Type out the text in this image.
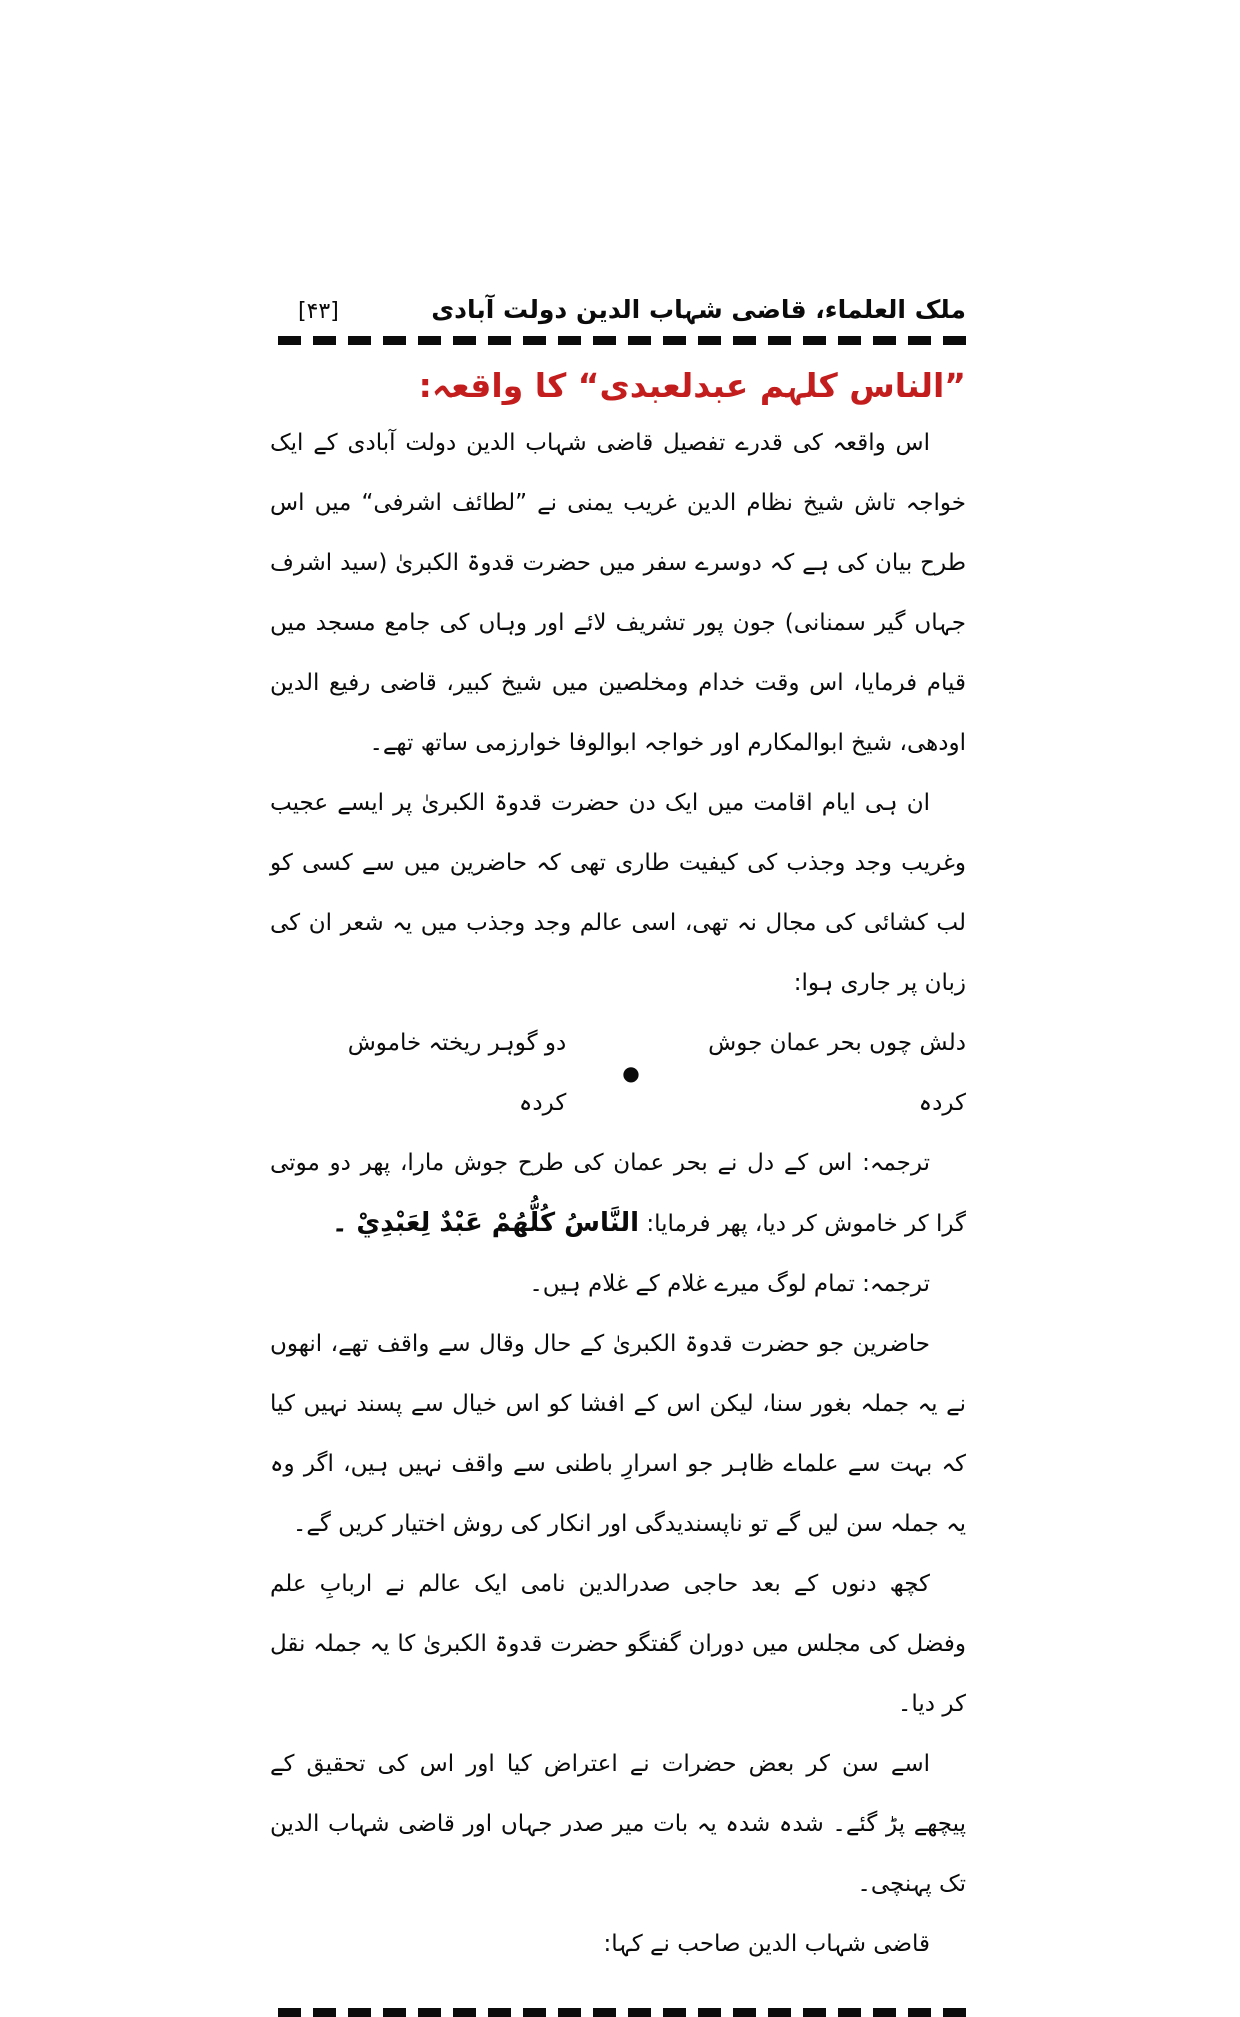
ملک العلماء، قاضی شہاب الدین دولت آبادی
[۴۳]
”الناس کلہم عبدلعبدی“ کا واقعہ:

اس واقعہ کی قدرے تفصیل قاضی شہاب الدین دولت آبادی کے ایک خواجہ تاش شیخ نظام الدین غریب یمنی نے ”لطائف اشرفی“ میں اس طرح بیان کی ہے کہ دوسرے سفر میں حضرت قدوۃ الکبریٰ (سید اشرف جہاں گیر سمنانی) جون پور تشریف لائے اور وہاں کی جامع مسجد میں قیام فرمایا، اس وقت خدام ومخلصین میں شیخ کبیر، قاضی رفیع الدین اودھی، شیخ ابوالمکارم اور خواجہ ابوالوفا خوارزمی ساتھ تھے۔

ان ہی ایام اقامت میں ایک دن حضرت قدوۃ الکبریٰ پر ایسے عجیب وغریب وجد وجذب کی کیفیت طاری تھی کہ حاضرین میں سے کسی کو لب کشائی کی مجال نہ تھی، اسی عالم وجد وجذب میں یہ شعر ان کی زبان پر جاری ہوا:

دلش چوں بحر عمان جوش کردہ
●
دو گوہر ریختہ خاموش کردہ

ترجمہ: اس کے دل نے بحر عمان کی طرح جوش مارا، پھر دو موتی گرا کر خاموش کر دیا، پھر فرمایا: النَّاسُ كُلُّهُمْ عَبْدٌ لِعَبْدِيْ ۔

ترجمہ: تمام لوگ میرے غلام کے غلام ہیں۔

حاضرین جو حضرت قدوۃ الکبریٰ کے حال وقال سے واقف تھے، انھوں نے یہ جملہ بغور سنا، لیکن اس کے افشا کو اس خیال سے پسند نہیں کیا کہ بہت سے علماے ظاہر جو اسرارِ باطنی سے واقف نہیں ہیں، اگر وہ یہ جملہ سن لیں گے تو ناپسندیدگی اور انکار کی روش اختیار کریں گے۔

کچھ دنوں کے بعد حاجی صدرالدین نامی ایک عالم نے اربابِ علم وفضل کی مجلس میں دوران گفتگو حضرت قدوۃ الکبریٰ کا یہ جملہ نقل کر دیا۔

اسے سن کر بعض حضرات نے اعتراض کیا اور اس کی تحقیق کے پیچھے پڑ گئے۔ شدہ شدہ یہ بات میر صدر جہاں اور قاضی شہاب الدین تک پہنچی۔

قاضی شہاب الدین صاحب نے کہا:
